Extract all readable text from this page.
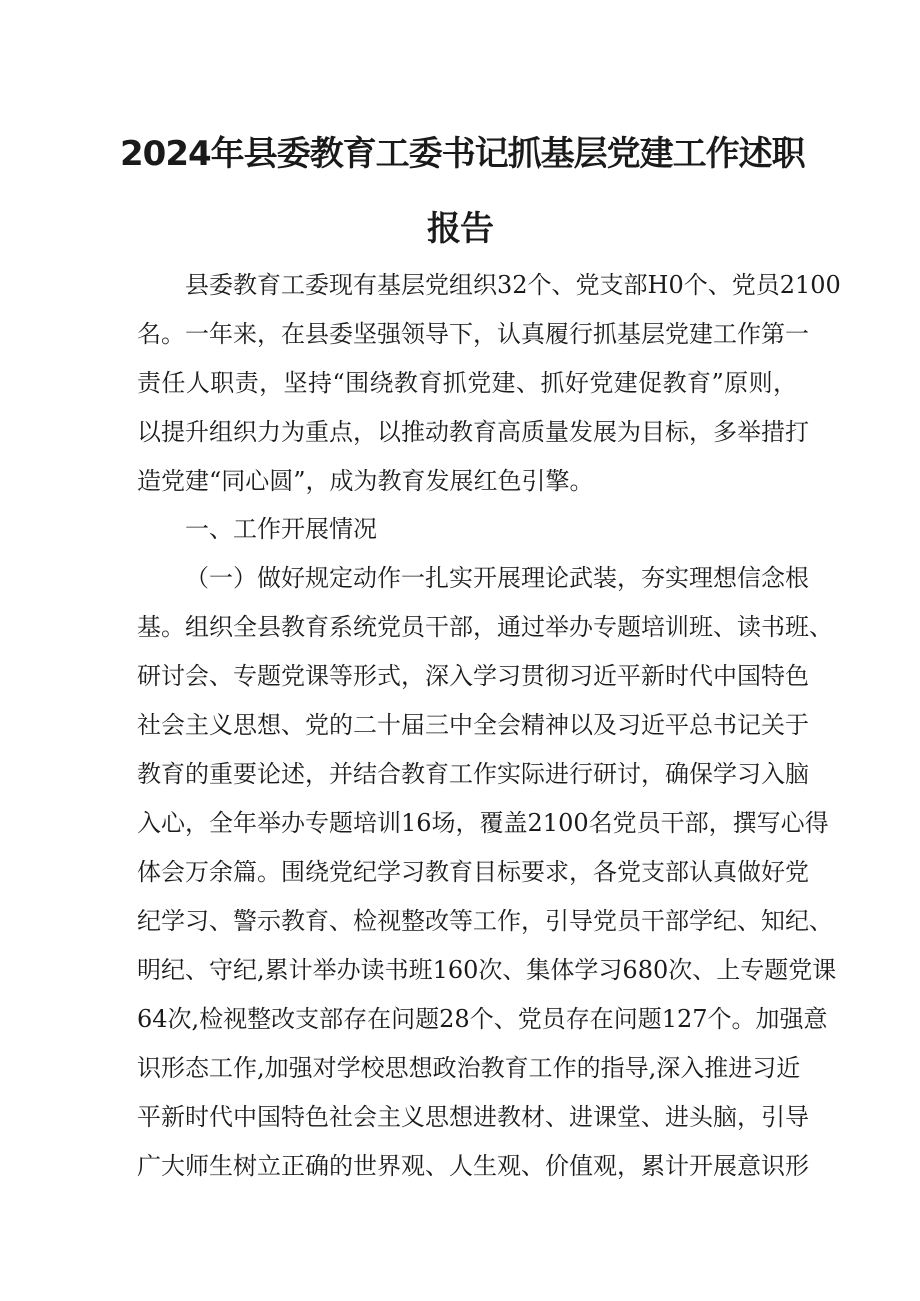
2024年县委教育工委书记抓基层党建工作述职
报告
县委教育工委现有基层党组织32个、党支部H0个、党员2100
名。一年来，在县委坚强领导下，认真履行抓基层党建工作第一
责任人职责，坚持“围绕教育抓党建、抓好党建促教育”原则，
以提升组织力为重点，以推动教育高质量发展为目标，多举措打
造党建“同心圆”，成为教育发展红色引擎。
一、工作开展情况
（一）做好规定动作一扎实开展理论武装，夯实理想信念根
基。组织全县教育系统党员干部，通过举办专题培训班、读书班、
研讨会、专题党课等形式，深入学习贯彻习近平新时代中国特色
社会主义思想、党的二十届三中全会精神以及习近平总书记关于
教育的重要论述，并结合教育工作实际进行研讨，确保学习入脑
入心，全年举办专题培训16场，覆盖2100名党员干部，撰写心得
体会万余篇。围绕党纪学习教育目标要求，各党支部认真做好党
纪学习、警示教育、检视整改等工作，引导党员干部学纪、知纪、
明纪、守纪,累计举办读书班160次、集体学习680次、上专题党课
64次,检视整改支部存在问题28个、党员存在问题127个。加强意
识形态工作,加强对学校思想政治教育工作的指导,深入推进习近
平新时代中国特色社会主义思想进教材、进课堂、进头脑，引导
广大师生树立正确的世界观、人生观、价值观，累计开展意识形
